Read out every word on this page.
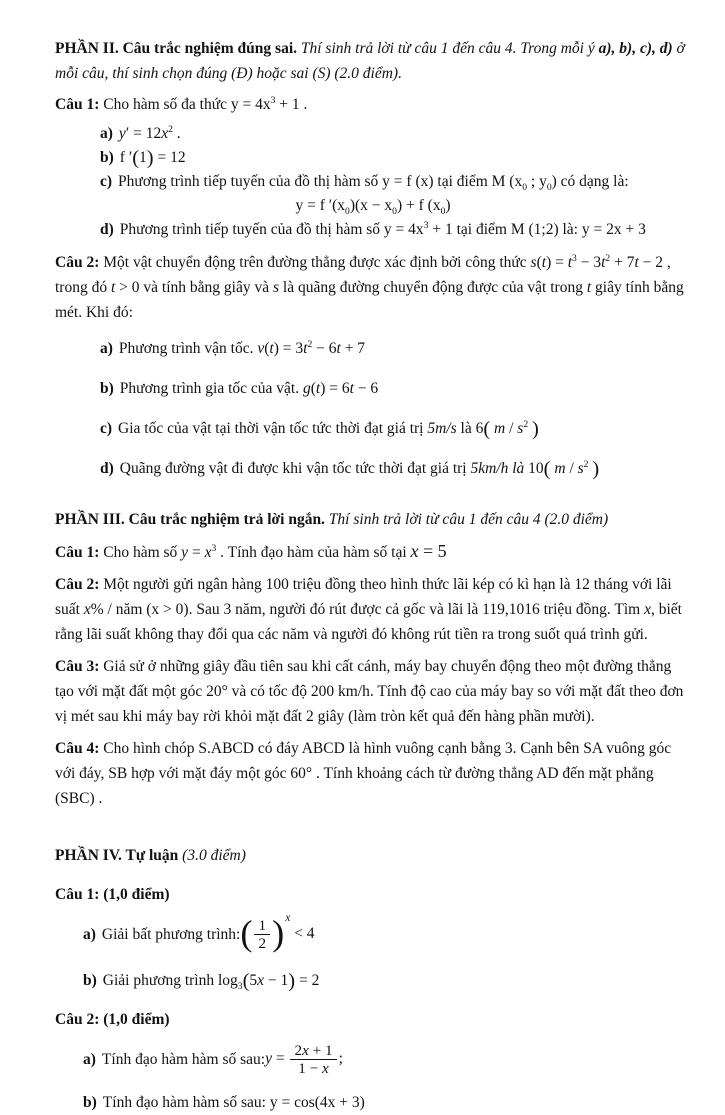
PHẦN II. Câu trắc nghiệm đúng sai. Thí sinh trả lời từ câu 1 đến câu 4. Trong mỗi ý a), b), c), d) ở mỗi câu, thí sinh chọn đúng (Đ) hoặc sai (S) (2.0 điểm).

Câu 1: Cho hàm số đa thức $y = 4x^3 + 1$ .

a) $y' = 12x^2$ .

b) f ′(1) = 12

c) Phương trình tiếp tuyến của đồ thị hàm số y = f (x) tại điểm M ($x_0$ ; $y_0$) có dạng là:

y = f $'(x_0)(x - x_0) + f$ $(x_0)$

d) Phương trình tiếp tuyến của đồ thị hàm số $y = 4x^3 + 1$ tại điểm M (1;2) là: y = 2x + 3

Câu 2: Một vật chuyển động trên đường thẳng được xác định bởi công thức $s(t) = t^3 - 3t^2 + 7t - 2$ , trong đó t > 0 và tính bằng giây và s là quãng đường chuyển động được của vật trong t giây tính bằng mét. Khi đó:

a) Phương trình vận tốc. $v(t) = 3t^2 - 6t + 7$

b) Phương trình gia tốc của vật. g(t) = 6t − 6

c) Gia tốc của vật tại thời vận tốc tức thời đạt giá trị 5m/s là 6( m / $s^2$ )

d) Quãng đường vật đi được khi vận tốc tức thời đạt giá trị 5km/h là 10( m / $s^2$ )

PHẦN III. Câu trắc nghiệm trả lời ngắn. Thí sinh trả lời từ câu 1 đến câu 4 (2.0 điểm)

Câu 1: Cho hàm số $y = x^3$ . Tính đạo hàm của hàm số tại x = 5

Câu 2: Một người gửi ngân hàng 100 triệu đồng theo hình thức lãi kép có kì hạn là 12 tháng với lãi suất x% / năm (x > 0). Sau 3 năm, người đó rút được cả gốc và lãi là 119,1016 triệu đồng. Tìm x, biết rằng lãi suất không thay đổi qua các năm và người đó không rút tiền ra trong suốt quá trình gửi.

Câu 3: Giả sử ở những giây đầu tiên sau khi cất cánh, máy bay chuyển động theo một đường thẳng tạo với mặt đất một góc 20° và có tốc độ 200 km/h. Tính độ cao của máy bay so với mặt đất theo đơn vị mét sau khi máy bay rời khỏi mặt đất 2 giây (làm tròn kết quả đến hàng phần mười).

Câu 4: Cho hình chóp S.ABCD có đáy ABCD là hình vuông cạnh bằng 3. Cạnh bên SA vuông góc với đáy, SB hợp với mặt đáy một góc 60° . Tính khoảng cách từ đường thẳng AD đến mặt phẳng (SBC) .

PHẦN IV. Tự luận (3.0 điểm)

Câu 1: (1,0 điểm)

a) Giải bất phương trình: ( $\frac{1}{2} )x < 4$

b) Giải phương trình $\log_3(5x - 1) = 2$

Câu 2: (1,0 điểm)

a) Tính đạo hàm hàm số sau: $y = \frac{2x + 1}{1 - x}$ ;

b) Tính đạo hàm hàm số sau: y = cos(4x + 3)
